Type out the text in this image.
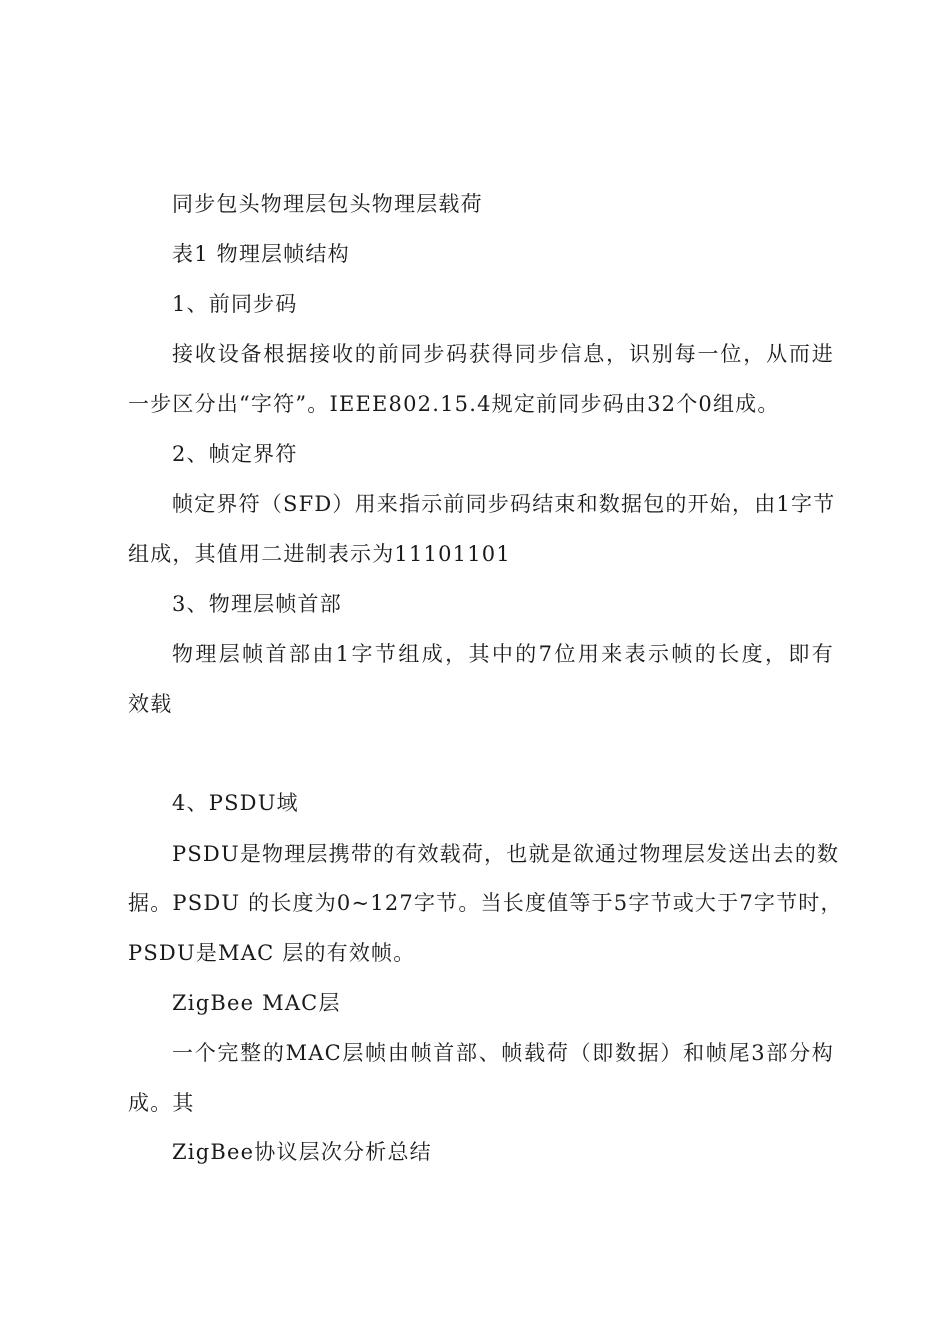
同步包头物理层包头物理层载荷
表1 物理层帧结构
1、前同步码
接收设备根据接收的前同步码获得同步信息，识别每一位，从而进
一步区分出“字符”。IEEE802.15.4规定前同步码由32个0组成。
2、帧定界符
帧定界符（SFD）用来指示前同步码结束和数据包的开始，由1字节
组成，其值用二进制表示为11101101
3、物理层帧首部
物理层帧首部由1字节组成，其中的7位用来表示帧的长度，即有
效载
4、PSDU域
PSDU是物理层携带的有效载荷，也就是欲通过物理层发送出去的数
据。PSDU 的长度为0~127字节。当长度值等于5字节或大于7字节时，
PSDU是MAC 层的有效帧。
ZigBee MAC层
一个完整的MAC层帧由帧首部、帧载荷（即数据）和帧尾3部分构
成。其
ZigBee协议层次分析总结
